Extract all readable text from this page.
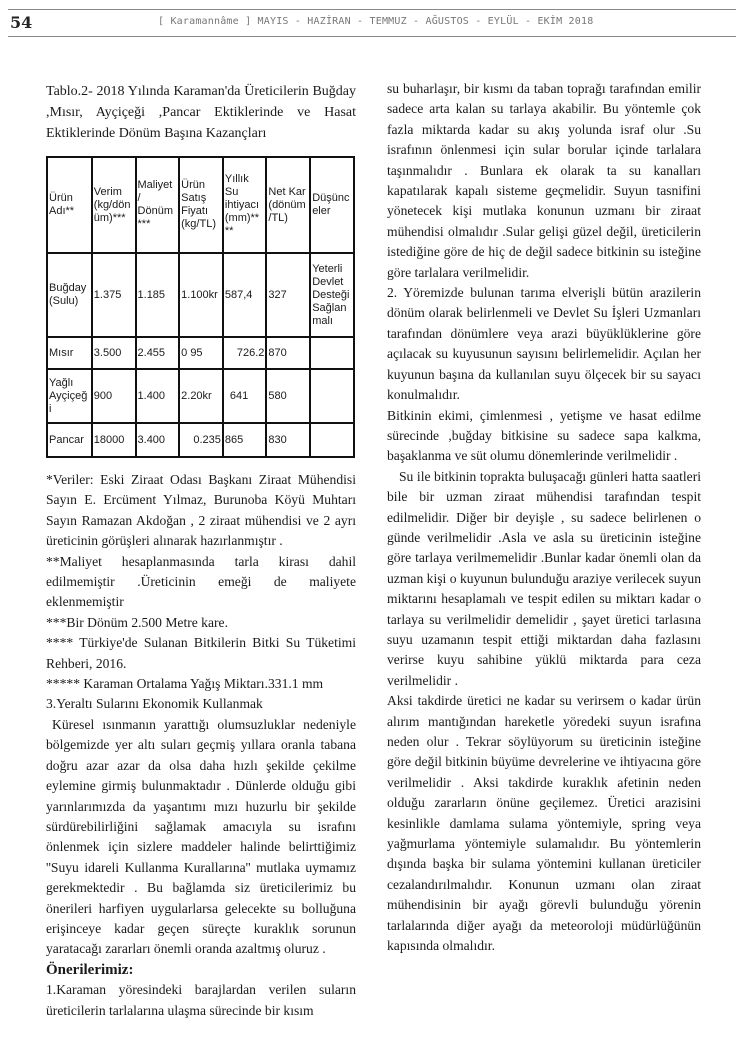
54	[ Karamannâme ] MAYIS - HAZİRAN - TEMMUZ - AĞUSTOS - EYLÜL - EKİM 2018

Tablo.2- 2018 Yılında Karaman'da Üreticilerin Buğday ,Mısır, Ayçiçeği ,Pancar Ektiklerinde ve Hasat Ektiklerinde Dönüm Başına Kazançları

Ürün Adı**	Verim (kg/dön üm)***	Maliyet / Dönüm ***	Ürün Satış Fiyatı (kg/TL)	Yıllık Su ihtiyacı (mm)** **	Net Kar (dönüm /TL)	Düşünc eler
Buğday (Sulu)	1.375	1.185	1.100kr	587,4	327	Yeterli Devlet Desteği Sağlan malı
Mısır	3.500	2.455	0 95	726.2	870	
Yağlı Ayçiçeğ i	900	1.400	2.20kr	641	580	
Pancar	18000	3.400	0.235	865	830	

*Veriler: Eski Ziraat Odası Başkanı Ziraat Mühendisi Sayın E. Ercüment Yılmaz, Burunoba Köyü Muhtarı Sayın Ramazan Akdoğan , 2 ziraat mühendisi ve 2 ayrı üreticinin görüşleri alınarak hazırlanmıştır .

**Maliyet hesaplanmasında tarla kirası dahil edilmemiştir .Üreticinin emeği de maliyete eklenmemiştir

***Bir Dönüm 2.500 Metre kare.

**** Türkiye'de Sulanan Bitkilerin Bitki Su Tüketimi Rehberi, 2016.

***** Karaman Ortalama Yağış Miktarı.331.1 mm

3.Yeraltı Sularını Ekonomik Kullanmak

Küresel ısınmanın yarattığı olumsuzluklar nedeniyle bölgemizde yer altı suları geçmiş yıllara oranla tabana doğru azar azar da olsa daha hızlı şekilde çekilme eylemine girmiş bulunmaktadır . Dünlerde olduğu gibi yarınlarımızda da yaşantımı mızı huzurlu bir şekilde sürdürebilirliğini sağlamak amacıyla su israfını önlenmek için sizlere maddeler halinde belirttiğimiz ''Suyu idareli Kullanma Kurallarına'' mutlaka uymamız gerekmektedir . Bu bağlamda siz üreticilerimiz bu önerileri harfiyen uygularlarsa gelecekte su bolluğuna erişinceye kadar geçen süreçte kuraklık sorunun yaratacağı zararları önemli oranda azaltmış oluruz .

Önerilerimiz:

1.Karaman yöresindeki barajlardan verilen suların üreticilerin tarlalarına ulaşma sürecinde bir kısım

su buharlaşır, bir kısmı da taban toprağı tarafından emilir sadece arta kalan su tarlaya akabilir. Bu yöntemle çok fazla miktarda kadar su akış yolunda israf olur .Su israfının önlenmesi için sular borular içinde tarlalara taşınmalıdır . Bunlara ek olarak ta su kanalları kapatılarak kapalı sisteme geçmelidir. Suyun tasnifini yönetecek kişi mutlaka konunun uzmanı bir ziraat mühendisi olmalıdır .Sular gelişi güzel değil, üreticilerin istediğine göre de hiç de değil sadece bitkinin su isteğine göre tarlalara verilmelidir.

2. Yöremizde bulunan tarıma elverişli bütün arazilerin dönüm olarak belirlenmeli ve Devlet Su İşleri Uzmanları tarafından dönümlere veya arazi büyüklüklerine göre açılacak su kuyusunun sayısını belirlemelidir. Açılan her kuyunun başına da kullanılan suyu ölçecek bir su sayacı konulmalıdır.

Bitkinin ekimi, çimlenmesi , yetişme ve hasat edilme sürecinde ,buğday bitkisine su sadece sapa kalkma, başaklanma ve süt olumu dönemlerinde verilmelidir .

Su ile bitkinin toprakta buluşacağı günleri hatta saatleri bile bir uzman ziraat mühendisi tarafından tespit edilmelidir. Diğer bir deyişle , su sadece belirlenen o günde verilmelidir .Asla ve asla su üreticinin isteğine göre tarlaya verilmemelidir .Bunlar kadar önemli olan da uzman kişi o kuyunun bulunduğu araziye verilecek suyun miktarını hesaplamalı ve tespit edilen su miktarı kadar o tarlaya su verilmelidir demelidir , şayet üretici tarlasına suyu uzamanın tespit ettiği miktardan daha fazlasını verirse kuyu sahibine yüklü miktarda para ceza verilmelidir .

Aksi takdirde üretici ne kadar su verirsem o kadar ürün alırım mantığından hareketle yöredeki suyun israfına neden olur . Tekrar söylüyorum su üreticinin isteğine göre değil bitkinin büyüme devrelerine ve ihtiyacına göre verilmelidir . Aksi takdirde kuraklık afetinin neden olduğu zararların önüne geçilemez. Üretici arazisini kesinlikle damlama sulama yöntemiyle, spring veya yağmurlama yöntemiyle sulamalıdır. Bu yöntemlerin dışında başka bir sulama yöntemini kullanan üreticiler cezalandırılmalıdır. Konunun uzmanı olan ziraat mühendisinin bir ayağı görevli bulunduğu yörenin tarlalarında diğer ayağı da meteoroloji müdürlüğünün kapısında olmalıdır.
